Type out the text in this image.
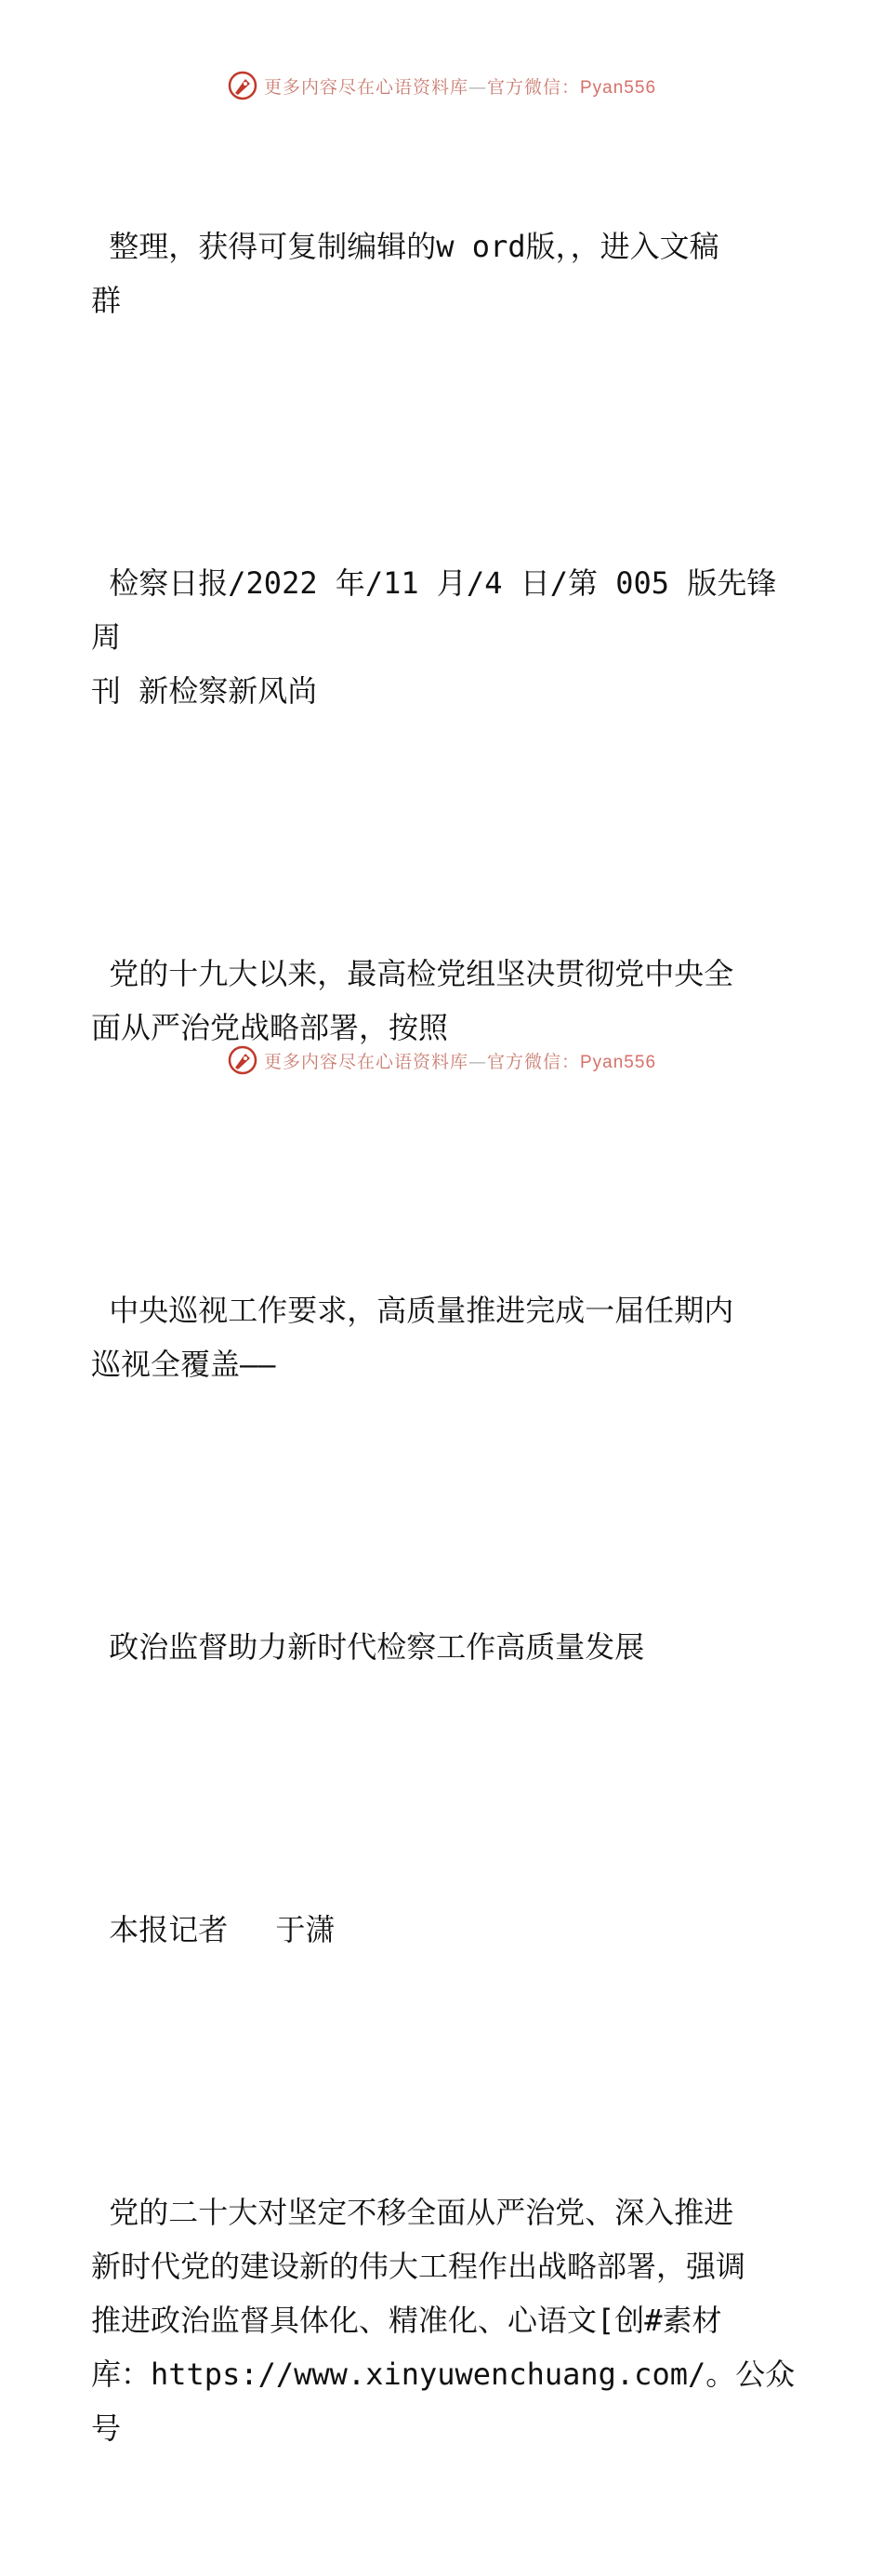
更多内容尽在心语资料库—官方微信：Pyan556

整理，获得可复制编辑的w ord版，，进入文稿
群

检察日报/2022 年/11 月/4 日/第 005 版先锋周
刊 新检察新风尚

党的十九大以来，最高检党组坚决贯彻党中央全
面从严治党战略部署，按照

中央巡视工作要求，高质量推进完成一届任期内
巡视全覆盖——

政治监督助力新时代检察工作高质量发展

本报记者　 于潇

党的二十大对坚定不移全面从严治党、深入推进
新时代党的建设新的伟大工程作出战略部署，强调
推进政治监督具体化、精准化、心语文[创#素材
库：https://www.xinyuwenchuang.com/。公众号

更多内容尽在心语资料库—官方微信：Pyan556
